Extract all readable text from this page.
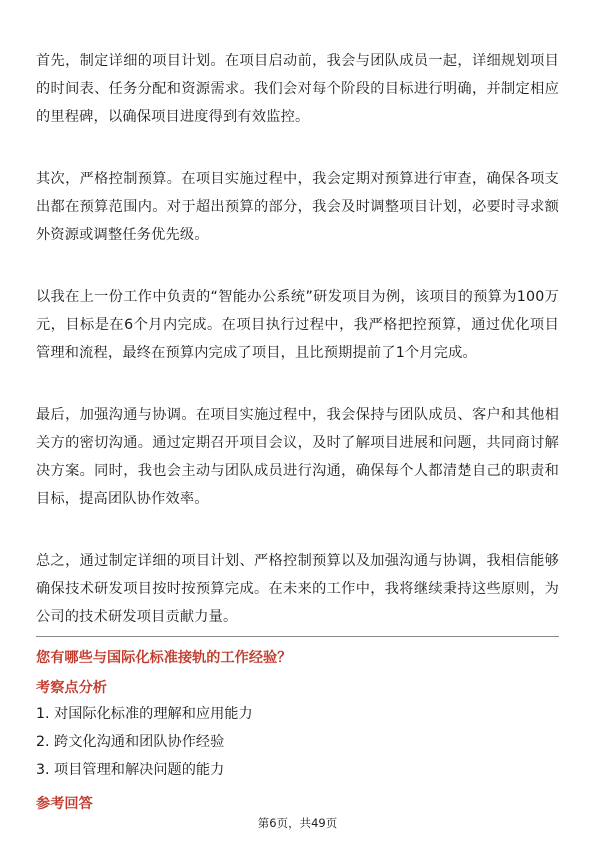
首先，制定详细的项目计划。在项目启动前，我会与团队成员一起，详细规划项目的时间表、任务分配和资源需求。我们会对每个阶段的目标进行明确，并制定相应的里程碑，以确保项目进度得到有效监控。

其次，严格控制预算。在项目实施过程中，我会定期对预算进行审查，确保各项支出都在预算范围内。对于超出预算的部分，我会及时调整项目计划，必要时寻求额外资源或调整任务优先级。

以我在上一份工作中负责的“智能办公系统”研发项目为例，该项目的预算为100万元，目标是在6个月内完成。在项目执行过程中，我严格把控预算，通过优化项目管理和流程，最终在预算内完成了项目，且比预期提前了1个月完成。

最后，加强沟通与协调。在项目实施过程中，我会保持与团队成员、客户和其他相关方的密切沟通。通过定期召开项目会议，及时了解项目进展和问题，共同商讨解决方案。同时，我也会主动与团队成员进行沟通，确保每个人都清楚自己的职责和目标，提高团队协作效率。

总之，通过制定详细的项目计划、严格控制预算以及加强沟通与协调，我相信能够确保技术研发项目按时按预算完成。在未来的工作中，我将继续秉持这些原则，为公司的技术研发项目贡献力量。

您有哪些与国际化标准接轨的工作经验？

考察点分析

1. 对国际化标准的理解和应用能力

2. 跨文化沟通和团队协作经验

3. 项目管理和解决问题的能力

参考回答

第6页，共49页
